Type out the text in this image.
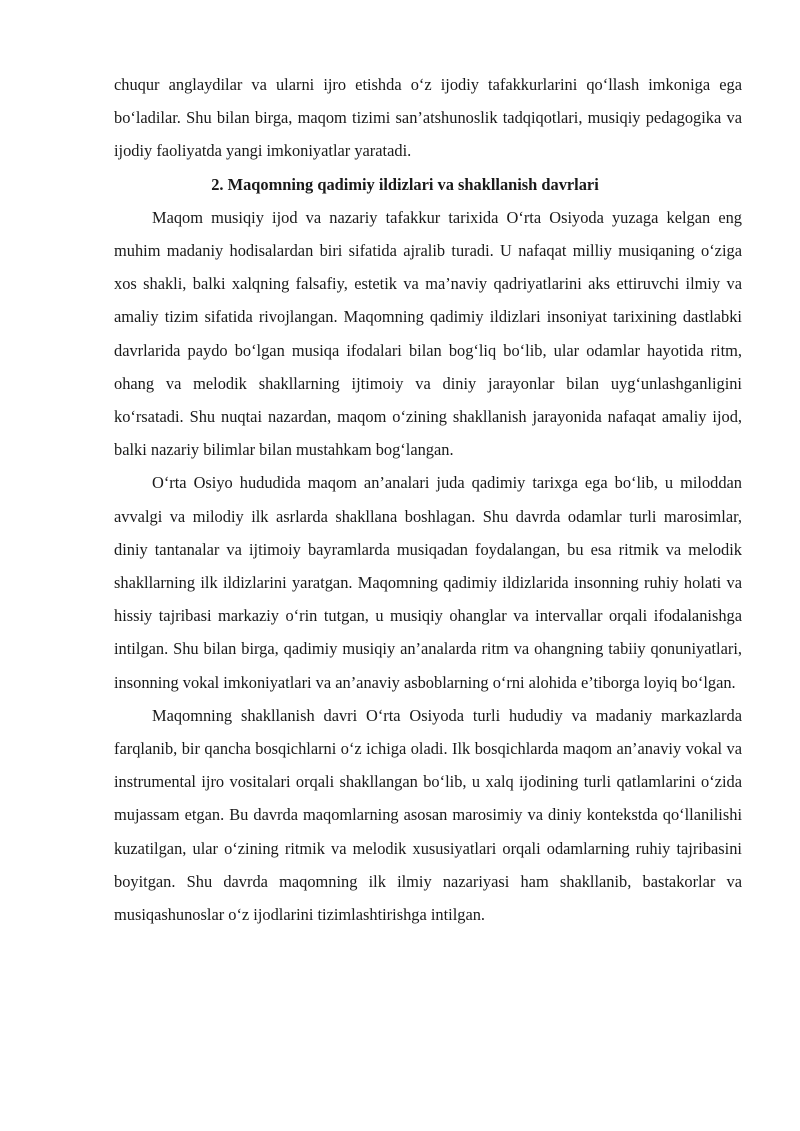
chuqur anglaydilar va ularni ijro etishda o‘z ijodiy tafakkurlarini qo‘llash imkoniga ega bo‘ladilar. Shu bilan birga, maqom tizimi san’atshunoslik tadqiqotlari, musiqiy pedagogika va ijodiy faoliyatda yangi imkoniyatlar yaratadi.

2. Maqomning qadimiy ildizlari va shakllanish davrlari

Maqom musiqiy ijod va nazariy tafakkur tarixida O‘rta Osiyoda yuzaga kelgan eng muhim madaniy hodisalardan biri sifatida ajralib turadi. U nafaqat milliy musiqaning o‘ziga xos shakli, balki xalqning falsafiy, estetik va ma’naviy qadriyatlarini aks ettiruvchi ilmiy va amaliy tizim sifatida rivojlangan. Maqomning qadimiy ildizlari insoniyat tarixining dastlabki davrlarida paydo bo‘lgan musiqa ifodalari bilan bog‘liq bo‘lib, ular odamlar hayotida ritm, ohang va melodik shakllarning ijtimoiy va diniy jarayonlar bilan uyg‘unlashganligini ko‘rsatadi. Shu nuqtai nazardan, maqom o‘zining shakllanish jarayonida nafaqat amaliy ijod, balki nazariy bilimlar bilan mustahkam bog‘langan.

O‘rta Osiyo hududida maqom an’analari juda qadimiy tarixga ega bo‘lib, u miloddan avvalgi va milodiy ilk asrlarda shakllana boshlagan. Shu davrda odamlar turli marosimlar, diniy tantanalar va ijtimoiy bayramlarda musiqadan foydalangan, bu esa ritmik va melodik shakllarning ilk ildizlarini yaratgan. Maqomning qadimiy ildizlarida insonning ruhiy holati va hissiy tajribasi markaziy o‘rin tutgan, u musiqiy ohanglar va intervallar orqali ifodalanishga intilgan. Shu bilan birga, qadimiy musiqiy an’analarda ritm va ohangning tabiiy qonuniyatlari, insonning vokal imkoniyatlari va an’anaviy asboblarning o‘rni alohida e’tiborga loyiq bo‘lgan.

Maqomning shakllanish davri O‘rta Osiyoda turli hududiy va madaniy markazlarda farqlanib, bir qancha bosqichlarni o‘z ichiga oladi. Ilk bosqichlarda maqom an’anaviy vokal va instrumental ijro vositalari orqali shakllangan bo‘lib, u xalq ijodining turli qatlamlarini o‘zida mujassam etgan. Bu davrda maqomlarning asosan marosimiy va diniy kontekstda qo‘llanilishi kuzatilgan, ular o‘zining ritmik va melodik xususiyatlari orqali odamlarning ruhiy tajribasini boyitgan. Shu davrda maqomning ilk ilmiy nazariyasi ham shakllanib, bastakorlar va musiqashunoslar o‘z ijodlarini tizimlashtirishga intilgan.
